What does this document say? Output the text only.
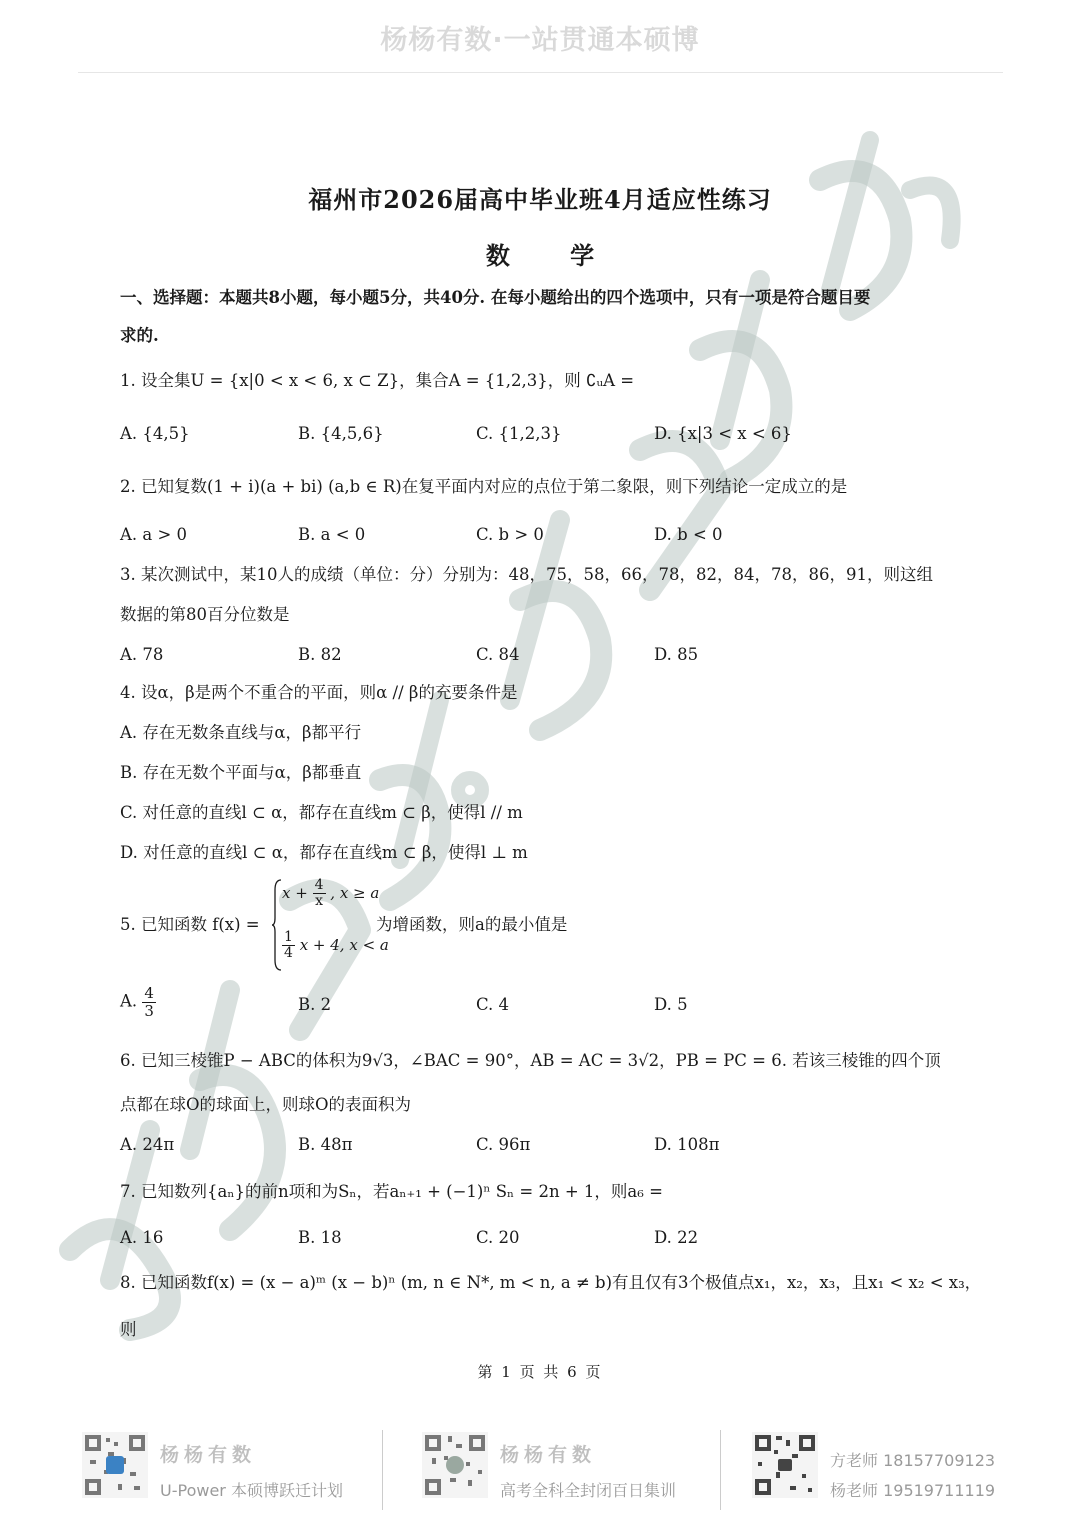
杨杨有数·一站贯通本硕博
福州市2026届高中毕业班4月适应性练习
数 学
一、选择题：本题共8小题，每小题5分，共40分. 在每小题给出的四个选项中，只有一项是符合题目要
求的.
1. 设全集U = {x|0 < x < 6, x ⊂ Z}，集合A = {1,2,3}，则 ∁ᵤA =
A. {4,5}	B. {4,5,6}	C. {1,2,3}	D. {x|3 < x < 6}
2. 已知复数(1 + i)(a + bi) (a,b ∈ R)在复平面内对应的点位于第二象限，则下列结论一定成立的是
A. a > 0	B. a < 0	C. b > 0	D. b < 0
3. 某次测试中，某10人的成绩（单位：分）分别为：48，75，58，66，78，82，84，78，86，91，则这组
数据的第80百分位数是
A. 78	B. 82	C. 84	D. 85
4. 设α，β是两个不重合的平面，则α // β的充要条件是
A. 存在无数条直线与α，β都平行
B. 存在无数个平面与α，β都垂直
C. 对任意的直线l ⊂ α，都存在直线m ⊂ β，使得l // m
D. 对任意的直线l ⊂ α，都存在直线m ⊂ β，使得l ⊥ m
5. 已知函数 f(x) =
$x + \frac{4}{x}$ , x ≥ a
$\frac{1}{4}$ x + 4, x < a
为增函数，则a的最小值是
A. $\frac{4}{3}$	B. 2	C. 4	D. 5
6. 已知三棱锥P − ABC的体积为9√3，∠BAC = 90°，AB = AC = 3√2，PB = PC = 6. 若该三棱锥的四个顶
点都在球O的球面上，则球O的表面积为
A. 24π	B. 48π	C. 96π	D. 108π
7. 已知数列{aₙ}的前n项和为Sₙ，若aₙ₊₁ + (−1)ⁿ Sₙ = 2n + 1，则a₆ =
A. 16	B. 18	C. 20	D. 22
8. 已知函数f(x) = (x − a)ᵐ (x − b)ⁿ (m, n ∈ N*, m < n, a ≠ b)有且仅有3个极值点x₁，x₂，x₃，且x₁ < x₂ < x₃，
则
第 1 页 共 6 页
杨杨有数
U-Power 本硕博跃迁计划
杨杨有数
高考全科全封闭百日集训
方老师 18157709123
杨老师 19519711119
